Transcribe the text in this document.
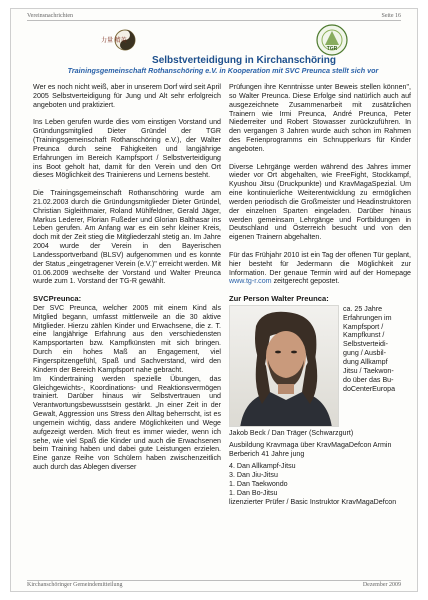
Vereinsnachrichten	Seite 16
力量 精英
TGR
Selbstverteidigung in Kirchanschöring
Trainingsgemeinschaft Rothanschöring e.V. in Kooperation mit SVC Preunca stellt sich vor

Wer es noch nicht weiß, aber in unserem Dorf wird seit April 2005 Selbstverteidigung für Jung und Alt sehr erfolgreich angeboten und praktiziert.

Ins Leben gerufen wurde dies vom einstigen Vorstand und Gründungsmitglied Dieter Gründel der TGR (Trainingsgemeinschaft Rothanschöring e.V.), der Walter Preunca durch seine Fähigkeiten und langjährige Erfahrungen im Bereich Kampfsport / Selbstverteidigung ins Boot geholt hat, damit für den Verein und den Ort dieses Möglichkeit des Trainierens und Lernens besteht.

Die Trainingsgemeinschaft Rothanschöring wurde am 21.02.2003 durch die Gründungsmitglieder Dieter Gründel, Christian Sigleithmaier, Roland Mühlfeldner, Gerald Jäger, Markus Lederer, Florian Fußeder und Glorian Balthasar ins Leben gerufen. Am Anfang war es ein sehr kleiner Kreis, doch mit der Zeit stieg die Mitgliederzahl stetig an. Im Jahre 2004 wurde der Verein in den Bayerischen Landessportverband (BLSV) aufgenommen und es konnte der Status „eingetragener Verein (e.V.)" erreicht werden. Mit 01.06.2009 wechselte der Vorstand und Walter Preunca wurde zum 1. Vorstand der TG-R gewählt.

SVCPreunca:

Der SVC Preunca, welcher 2005 mit einem Kind als Mitglied begann, umfasst mittlerweile an die 30 aktive Mitglieder. Hierzu zählen Kinder und Erwachsene, die z. T. eine langjährige Erfahrung aus den verschiedensten Kampsportarten bzw. Kampfkünsten mit sich bringen. Durch ein hohes Maß an Engagement, viel Fingerspitzengefühl, Spaß und Sachverstand, wird den Kindern der Bereich Kampfsport nahe gebracht.

Im Kindertraining werden spezielle Übungen, das Gleichgewichts-, Koordinations- und Reaktionsvermögen trainiert. Darüber hinaus wir Selbstvertrauen und Verantwortungsbewusstsein gestärkt. „In einer Zeit in der Gewalt, Aggression uns Stress den Alltag beherrscht, ist es ungemein wichtig, dass andere Möglichkeiten und Wege aufgezeigt werden. Mich freut es immer wieder, wenn ich sehe, wie viel Spaß die Kinder und auch die Erwachsenen beim Training haben und dabei gute Leistungen erzielen. Eine ganze Reihe von Schülern haben zwischenzeitlich auch durch das Ablegen diverser

Prüfungen ihre Kenntnisse unter Beweis stellen können", so Walter Preunca. Diese Erfolge sind natürlich auch auf ausgezeichnete Zusammenarbeit mit zusätzlichen Trainern wie Irmi Preunca, André Preunca, Peter Niederreiter und Robert Stowasser zurückzuführen. In den vergangen 3 Jahren wurde auch schon im Rahmen des Ferienprogramms ein Schnupperkurs für Kinder angeboten.

Diverse Lehrgänge werden während des Jahres immer wieder vor Ort abgehalten, wie FreeFight, Stockkampf, Kyushou Jitsu (Druckpunkte) und KravMagaSpezial. Um eine kontinuierliche Weiterentwicklung zu ermöglichen werden periodisch die Großmeister und Headinstruktoren der einzelnen Sparten eingeladen. Darüber hinaus werden gemeinsam Lehrgänge und Fortbildungen in Deutschland und Österreich besucht und von den eigenen Trainern abgehalten.

Für das Frühjahr 2010 ist ein Tag der offenen Tür geplant, hier besteht für Jedermann die Möglichkeit zur Information. Der genaue Termin wird auf der Homepage www.tg-r.com zeitgerecht gepostet.

Zur Person Walter Preunca:
ca. 25 Jahre
Erfahrungen im
Kampfsport /
Kampfkunst /
Selbstverteidi-
gung / Ausbil-
dung Allkampf
Jitsu / Taekwon-
do über das Bu-
doCenterEuropa
Jakob Beck / Dan Träger (Schwarzgurt)

Ausbildung Kravmaga über KravMagaDefcon Armin Berberich 41 Jahre jung

4. Dan Allkampf-Jitsu
3. Dan Jiu-Jitsu
1. Dan Taekwondo
1. Dan Bo-Jitsu
lizenzierter Prüfer / Basic Instruktor KravMagaDefcon
Kirchanschöringer Gemeindemitteilung	Dezember 2009
